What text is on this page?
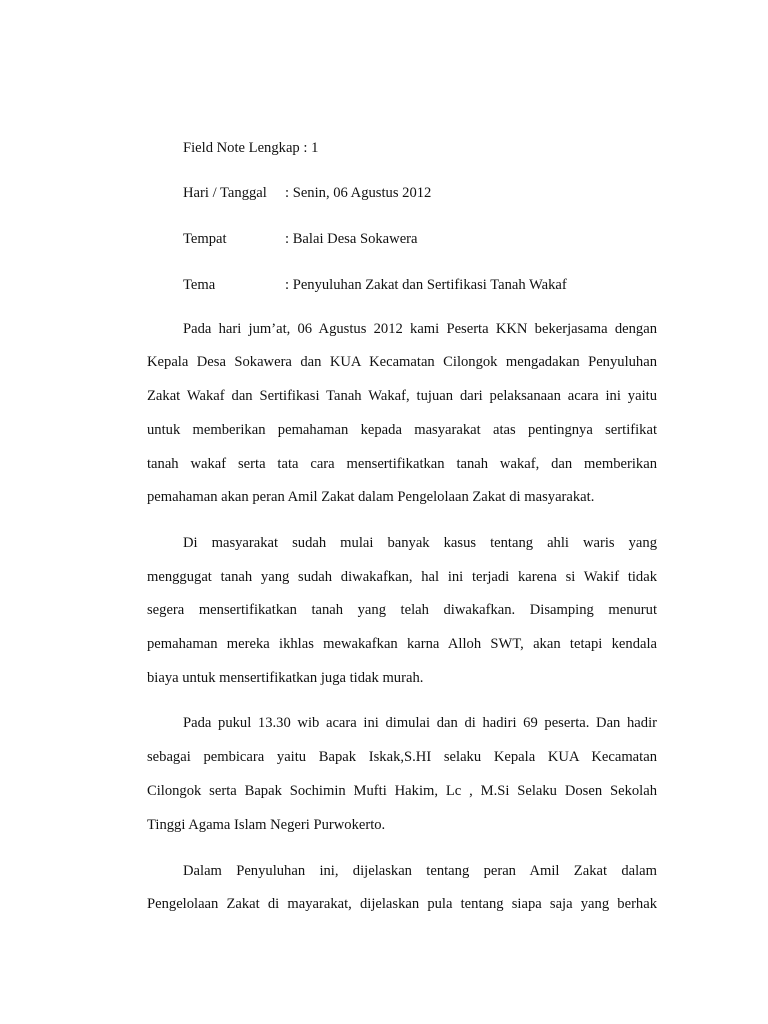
Field Note Lengkap : 1
Hari / Tanggal : Senin, 06 Agustus 2012
Tempat	: Balai Desa Sokawera
Tema	: Penyuluhan Zakat dan Sertifikasi Tanah Wakaf
Pada hari jum’at, 06 Agustus 2012 kami Peserta KKN bekerjasama dengan
Kepala Desa Sokawera dan KUA Kecamatan Cilongok mengadakan Penyuluhan
Zakat Wakaf dan Sertifikasi Tanah Wakaf, tujuan dari pelaksanaan acara ini yaitu
untuk memberikan pemahaman kepada masyarakat atas pentingnya sertifikat
tanah wakaf serta tata cara mensertifikatkan tanah wakaf, dan memberikan
pemahaman akan peran Amil Zakat dalam Pengelolaan Zakat di masyarakat.
Di masyarakat sudah mulai banyak kasus tentang ahli waris yang
menggugat tanah yang sudah diwakafkan, hal ini terjadi karena si Wakif tidak
segera mensertifikatkan tanah yang telah diwakafkan. Disamping menurut
pemahaman mereka ikhlas mewakafkan karna Alloh SWT, akan tetapi kendala
biaya untuk mensertifikatkan juga tidak murah.
Pada pukul 13.30 wib acara ini dimulai dan di hadiri 69 peserta. Dan hadir
sebagai pembicara yaitu Bapak Iskak,S.HI selaku Kepala KUA Kecamatan
Cilongok serta Bapak Sochimin Mufti Hakim, Lc , M.Si Selaku Dosen Sekolah
Tinggi Agama Islam Negeri Purwokerto.
Dalam Penyuluhan ini, dijelaskan tentang peran Amil Zakat dalam
Pengelolaan Zakat di mayarakat, dijelaskan pula tentang siapa saja yang berhak
